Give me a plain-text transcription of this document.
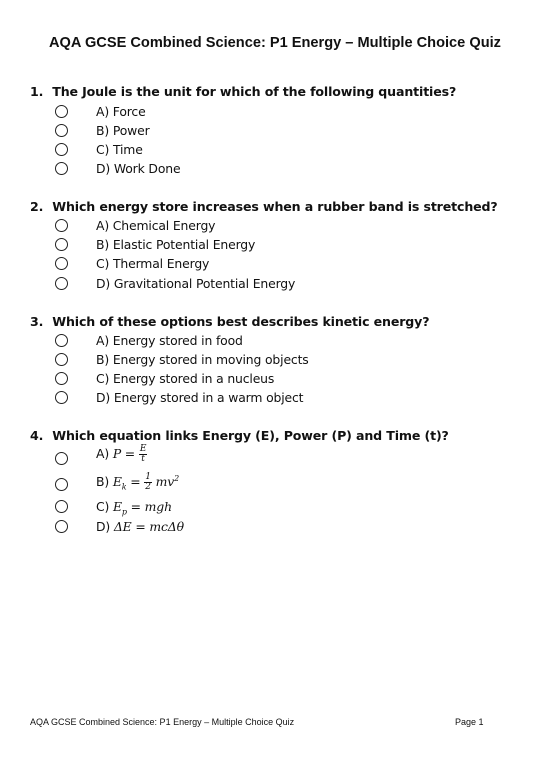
AQA GCSE Combined Science: P1 Energy – Multiple Choice Quiz
1. The Joule is the unit for which of the following quantities?
A) Force
B) Power
C) Time
D) Work Done
2. Which energy store increases when a rubber band is stretched?
A) Chemical Energy
B) Elastic Potential Energy
C) Thermal Energy
D) Gravitational Potential Energy
3. Which of these options best describes kinetic energy?
A) Energy stored in food
B) Energy stored in moving objects
C) Energy stored in a nucleus
D) Energy stored in a warm object
4. Which equation links Energy (E), Power (P) and Time (t)?
A) $P = \frac{E}{t}$
B) $E_k = \frac{1}{2} mv^2$
C) $E_p$ = mgh
D) ΔE = mcΔθ
AQA GCSE Combined Science: P1 Energy – Multiple Choice Quiz	Page 1
